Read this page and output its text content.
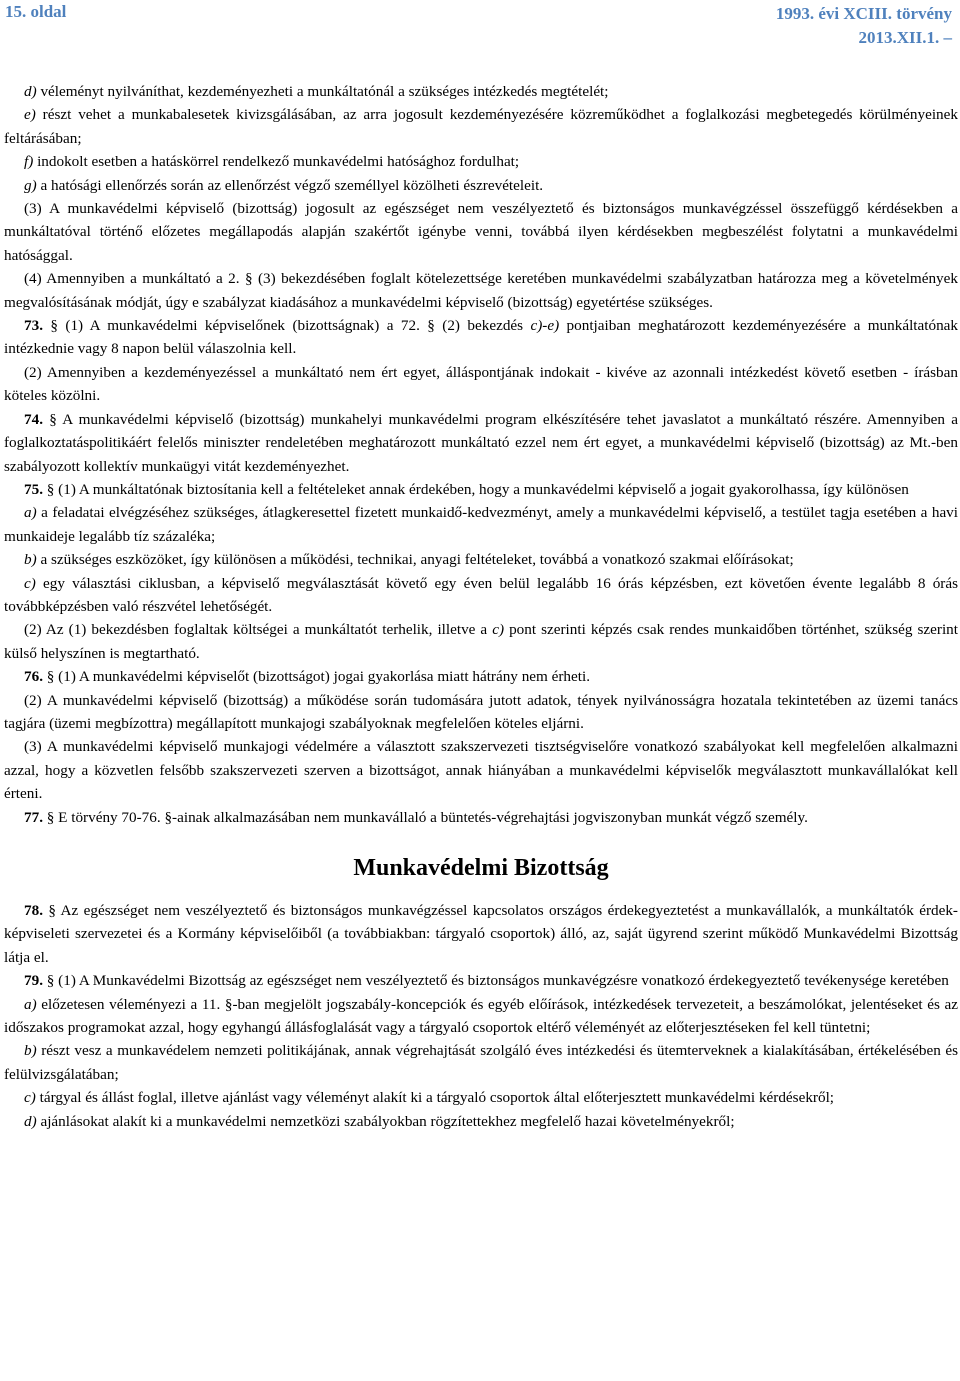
15. oldal	1993. évi XCIII. törvény
2013.XII.1. –

d) véleményt nyilváníthat, kezdeményezheti a munkáltatónál a szükséges intézkedés megtételét;

e) részt vehet a munkabalesetek kivizsgálásában, az arra jogosult kezdeményezésére közreműködhet a foglalkozási megbetegedés körülményeinek feltárásában;

f) indokolt esetben a hatáskörrel rendelkező munkavédelmi hatósághoz fordulhat;

g) a hatósági ellenőrzés során az ellenőrzést végző személlyel közölheti észrevételeit.

(3) A munkavédelmi képviselő (bizottság) jogosult az egészséget nem veszélyeztető és biztonságos munkavégzéssel összefüggő kérdésekben a munkáltatóval történő előzetes megállapodás alapján szakértőt igénybe venni, továbbá ilyen kérdésekben megbeszélést folytatni a munkavédelmi hatósággal.

(4) Amennyiben a munkáltató a 2. § (3) bekezdésében foglalt kötelezettsége keretében munkavédelmi szabályzatban határozza meg a követelmények megvalósításának módját, úgy e szabályzat kiadásához a munkavédelmi képviselő (bizottság) egyetértése szükséges.

73. § (1) A munkavédelmi képviselőnek (bizottságnak) a 72. § (2) bekezdés c)-e) pontjaiban meghatározott kezdeményezésére a munkáltatónak intézkednie vagy 8 napon belül válaszolnia kell.

(2) Amennyiben a kezdeményezéssel a munkáltató nem ért egyet, álláspontjának indokait - kivéve az azonnali intézkedést követő esetben - írásban köteles közölni.

74. § A munkavédelmi képviselő (bizottság) munkahelyi munkavédelmi program elkészítésére tehet javaslatot a munkáltató részére. Amennyiben a foglalkoztatáspolitikáért felelős miniszter rendeletében meghatározott munkáltató ezzel nem ért egyet, a munkavédelmi képviselő (bizottság) az Mt.-ben szabályozott kollektív munkaügyi vitát kezdeményezhet.

75. § (1) A munkáltatónak biztosítania kell a feltételeket annak érdekében, hogy a munkavédelmi képviselő a jogait gyakorolhassa, így különösen

a) a feladatai elvégzéséhez szükséges, átlagkeresettel fizetett munkaidő-kedvezményt, amely a munkavédelmi képviselő, a testület tagja esetében a havi munkaideje legalább tíz százaléka;

b) a szükséges eszközöket, így különösen a működési, technikai, anyagi feltételeket, továbbá a vonatkozó szakmai előírásokat;

c) egy választási ciklusban, a képviselő megválasztását követő egy éven belül legalább 16 órás képzésben, ezt követően évente legalább 8 órás továbbképzésben való részvétel lehetőségét.

(2) Az (1) bekezdésben foglaltak költségei a munkáltatót terhelik, illetve a c) pont szerinti képzés csak rendes munkaidőben történhet, szükség szerint külső helyszínen is megtartható.

76. § (1) A munkavédelmi képviselőt (bizottságot) jogai gyakorlása miatt hátrány nem érheti.

(2) A munkavédelmi képviselő (bizottság) a működése során tudomására jutott adatok, tények nyilvánosságra hozatala tekintetében az üzemi tanács tagjára (üzemi megbízottra) megállapított munkajogi szabályoknak megfelelően köteles eljárni.

(3) A munkavédelmi képviselő munkajogi védelmére a választott szakszervezeti tisztségviselőre vonatkozó szabályokat kell megfelelően alkalmazni azzal, hogy a közvetlen felsőbb szakszervezeti szerven a bizottságot, annak hiányában a munkavédelmi képviselők megválasztott munkavállalókat kell érteni.

77. § E törvény 70-76. §-ainak alkalmazásában nem munkavállaló a büntetés-végrehajtási jogviszonyban munkát végző személy.

Munkavédelmi Bizottság

78. § Az egészséget nem veszélyeztető és biztonságos munkavégzéssel kapcsolatos országos érdekegyeztetést a munkavállalók, a munkáltatók érdek-képviseleti szervezetei és a Kormány képviselőiből (a továbbiakban: tárgyaló csoportok) álló, az, saját ügyrend szerint működő Munkavédelmi Bizottság látja el.

79. § (1) A Munkavédelmi Bizottság az egészséget nem veszélyeztető és biztonságos munkavégzésre vonatkozó érdekegyeztető tevékenysége keretében

a) előzetesen véleményezi a 11. §-ban megjelölt jogszabály-koncepciók és egyéb előírások, intézkedések tervezeteit, a beszámolókat, jelentéseket és az időszakos programokat azzal, hogy egyhangú állásfoglalását vagy a tárgyaló csoportok eltérő véleményét az előterjesztéseken fel kell tüntetni;

b) részt vesz a munkavédelem nemzeti politikájának, annak végrehajtását szolgáló éves intézkedési és ütemterveknek a kialakításában, értékelésében és felülvizsgálatában;

c) tárgyal és állást foglal, illetve ajánlást vagy véleményt alakít ki a tárgyaló csoportok által előterjesztett munkavédelmi kérdésekről;

d) ajánlásokat alakít ki a munkavédelmi nemzetközi szabályokban rögzítettekhez megfelelő hazai követelményekről;
